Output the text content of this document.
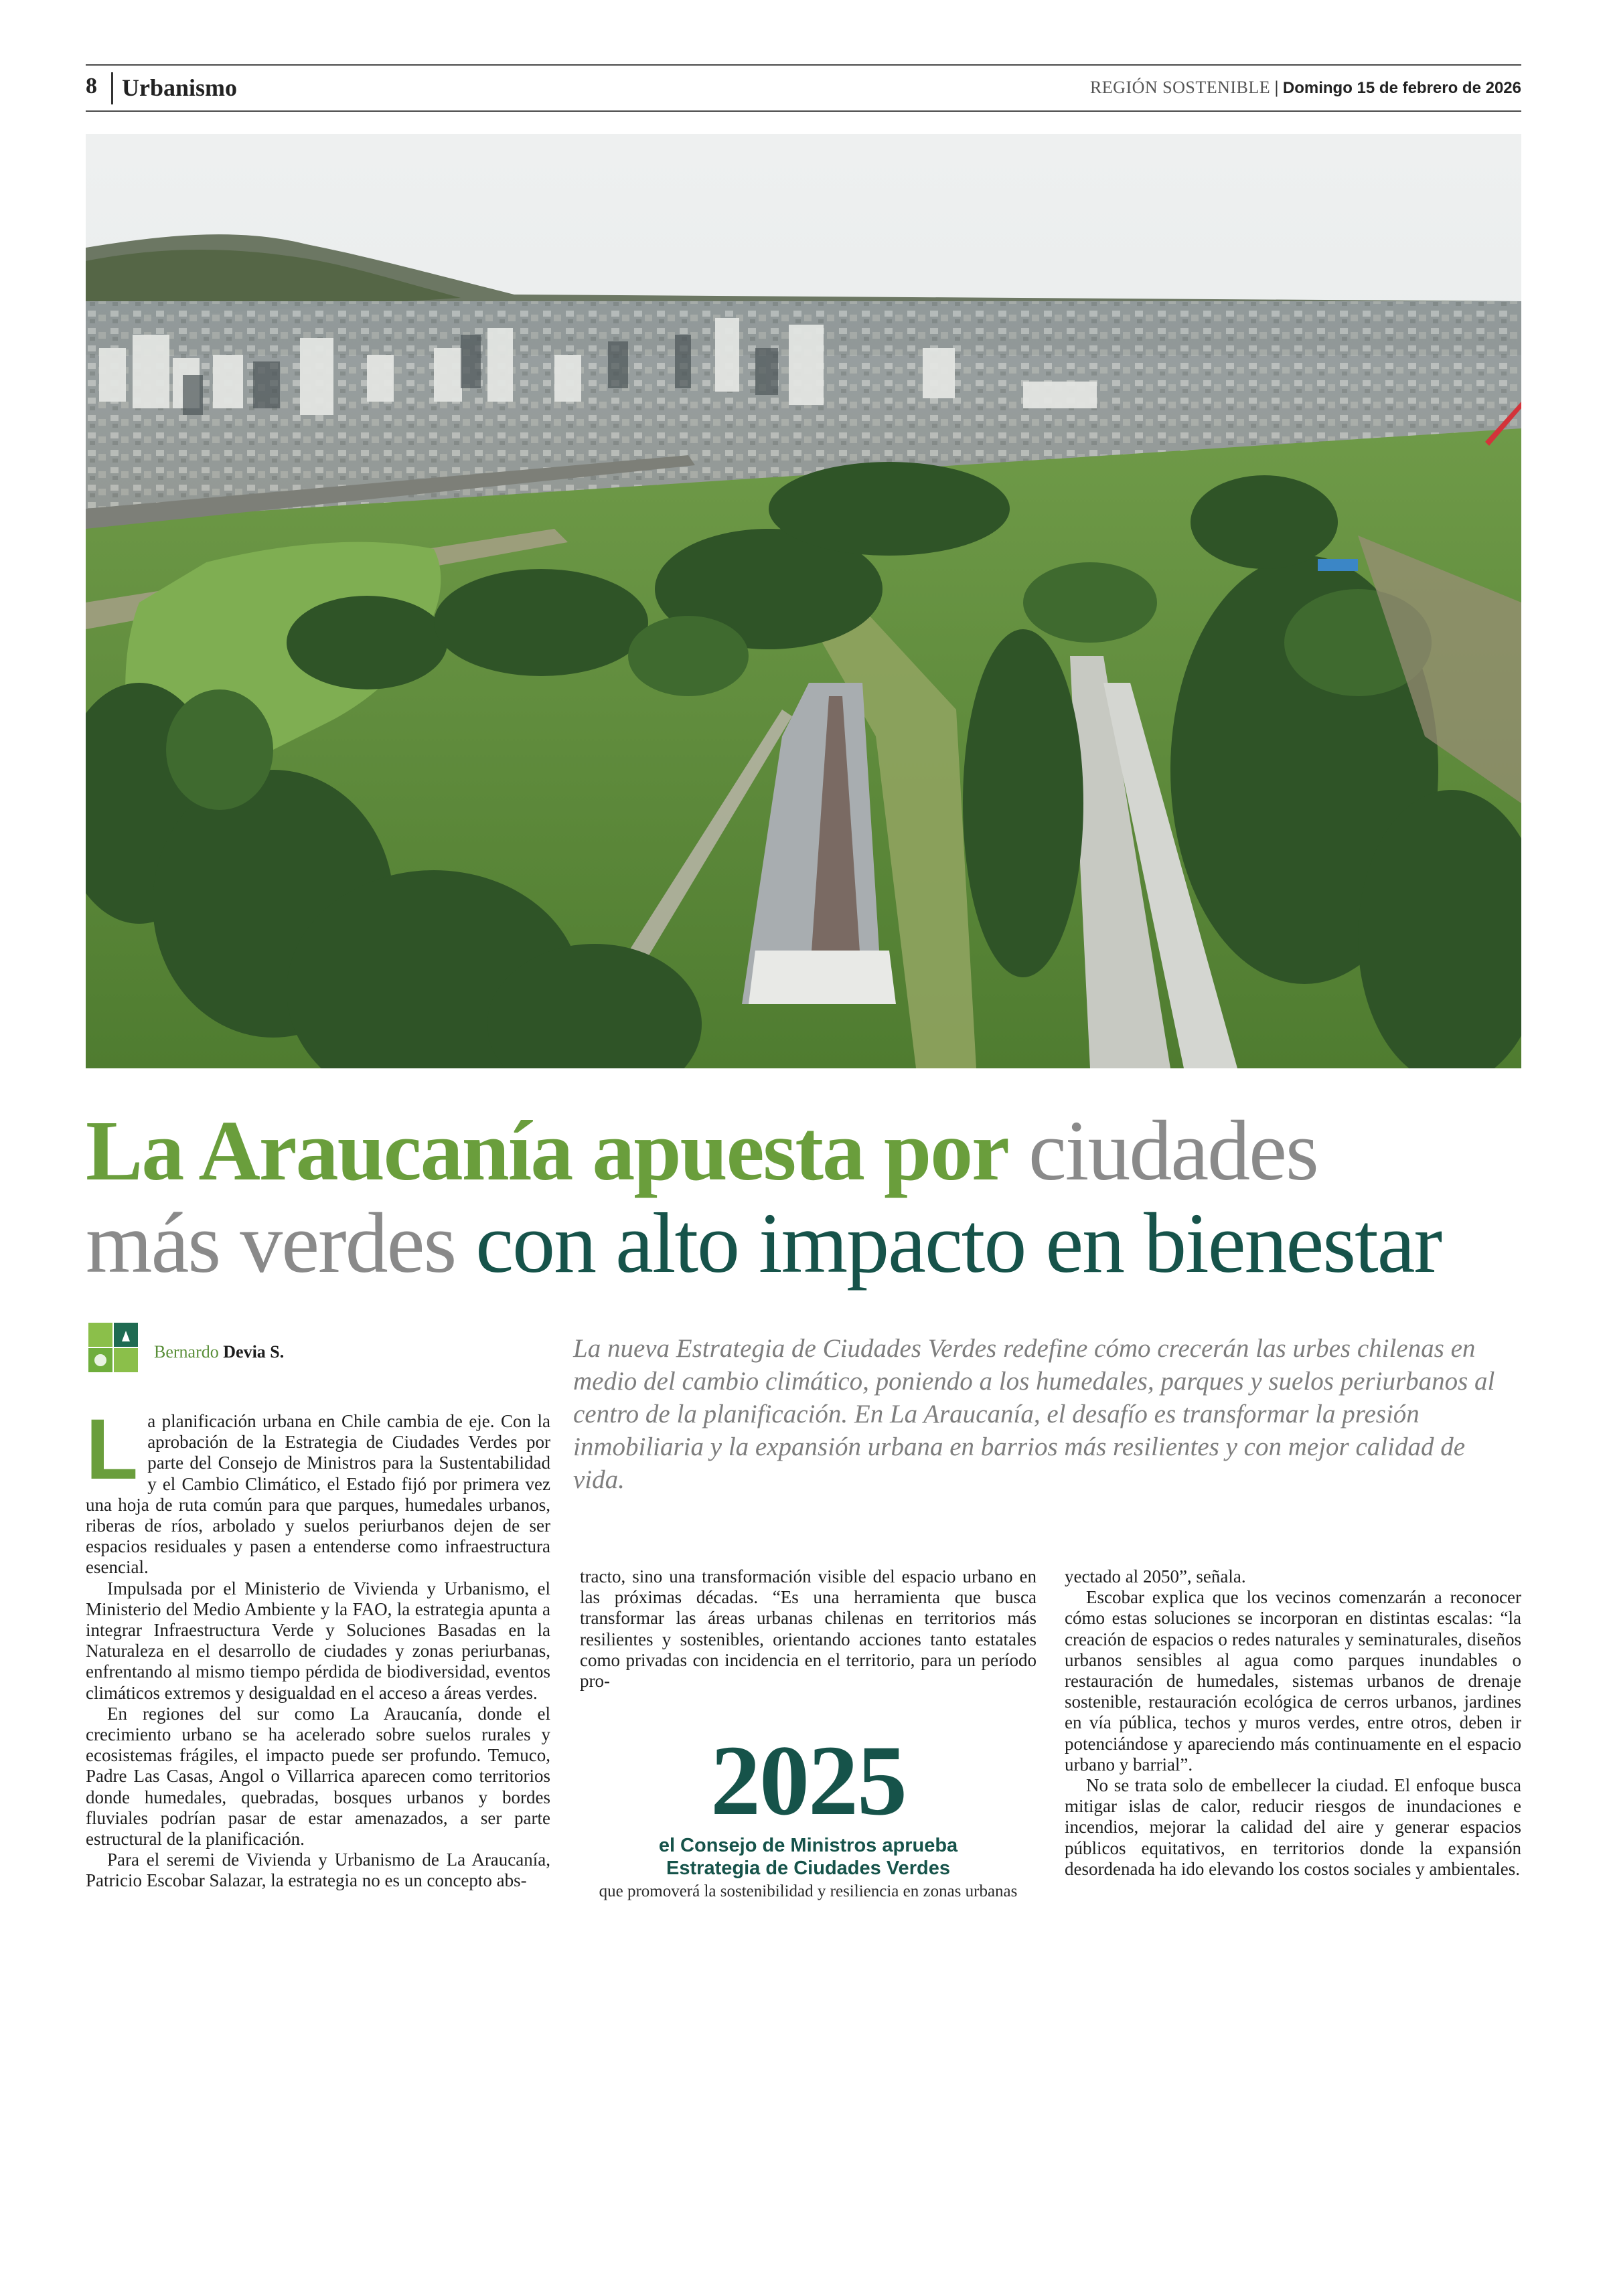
8 Urbanismo	REGIÓN SOSTENIBLE | Domingo 15 de febrero de 2026
La Araucanía apuesta por ciudades
más verdes con alto impacto en bienestar
Bernardo Devia S.	La nueva Estrategia de Ciudades Verdes redefine cómo crecerán las urbes chilenas en medio del cambio climático, poniendo a los humedales, parques y suelos periurbanos al centro de la planificación. En La Araucanía, el desafío es transformar la presión inmobiliaria y la expansión urbana en barrios más resilientes y con mejor calidad de vida.

La planificación urbana en Chile cambia de eje. Con la aprobación de la Estrategia de Ciudades Verdes por parte del Consejo de Ministros para la Sustentabilidad y el Cambio Climático, el Estado fijó por primera vez una hoja de ruta común para que parques, humedales urbanos, riberas de ríos, arbolado y suelos periurbanos dejen de ser espacios residuales y pasen a entenderse como infraestructura esencial.

Impulsada por el Ministerio de Vivienda y Urbanismo, el Ministerio del Medio Ambiente y la FAO, la estrategia apunta a integrar Infraestructura Verde y Soluciones Basadas en la Naturaleza en el desarrollo de ciudades y zonas periurbanas, enfrentando al mismo tiempo pérdida de biodiversidad, eventos climáticos extremos y desigualdad en el acceso a áreas verdes.

En regiones del sur como La Araucanía, donde el crecimiento urbano se ha acelerado sobre suelos rurales y ecosistemas frágiles, el impacto puede ser profundo. Temuco, Padre Las Casas, Angol o Villarrica aparecen como territorios donde humedales, quebradas, bosques urbanos y bordes fluviales podrían pasar de estar amenazados, a ser parte estructural de la planificación.

Para el seremi de Vivienda y Urbanismo de La Araucanía, Patricio Escobar Salazar, la estrategia no es un concepto abs-

tracto, sino una transformación visible del espacio urbano en las próximas décadas. “Es una herramienta que busca transformar las áreas urbanas chilenas en territorios más resilientes y sostenibles, orientando acciones tanto estatales como privadas con incidencia en el territorio, para un período pro-

2025
el Consejo de Ministros aprueba
Estrategia de Ciudades Verdes
que promoverá la sostenibilidad y resiliencia en zonas urbanas

yectado al 2050”, señala.

Escobar explica que los vecinos comenzarán a reconocer cómo estas soluciones se incorporan en distintas escalas: “la creación de espacios o redes naturales y seminaturales, diseños urbanos sensibles al agua como parques inundables o restauración de humedales, sistemas urbanos de drenaje sostenible, restauración ecológica de cerros urbanos, jardines en vía pública, techos y muros verdes, entre otros, deben ir potenciándose y apareciendo más continuamente en el espacio urbano y barrial”.

No se trata solo de embellecer la ciudad. El enfoque busca mitigar islas de calor, reducir riesgos de inundaciones e incendios, mejorar la calidad del aire y generar espacios públicos equitativos, en territorios donde la expansión desordenada ha ido elevando los costos sociales y ambientales.
